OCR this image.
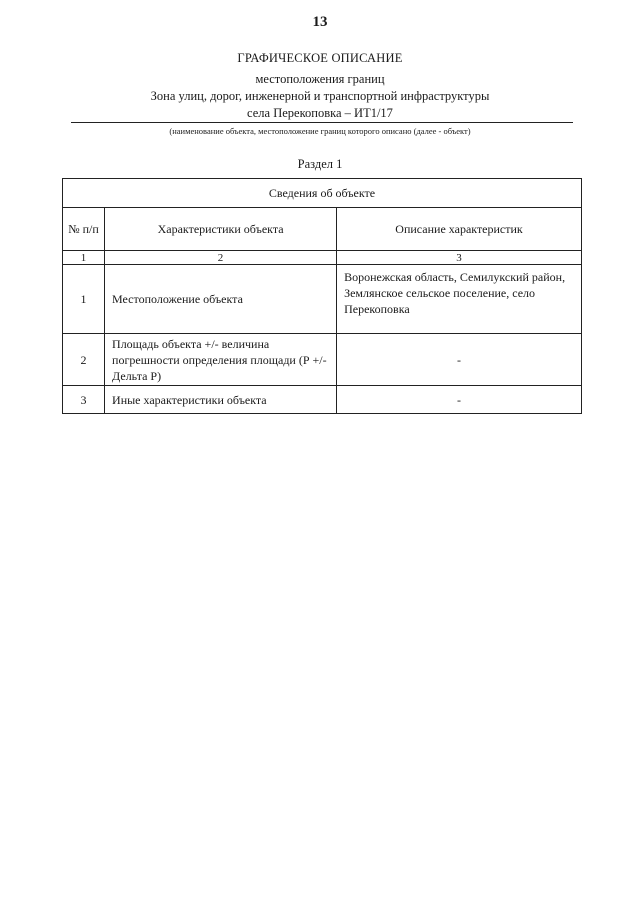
13
ГРАФИЧЕСКОЕ ОПИСАНИЕ
местоположения границ
Зона улиц, дорог, инженерной и транспортной инфраструктуры
села Перекоповка – ИТ1/17
(наименование объекта, местоположение границ которого описано (далее - объект)
Раздел 1
Сведения об объекте		
№ п/п	Характеристики объекта	Описание характеристик
1	2	3
1	Местоположение объекта	Воронежская область, Семилукский район, Землянское сельское поселение, село Перекоповка
2	Площадь объекта +/- величина погрешности определения площади (Р +/- Дельта Р)	-
3	Иные характеристики объекта	-
